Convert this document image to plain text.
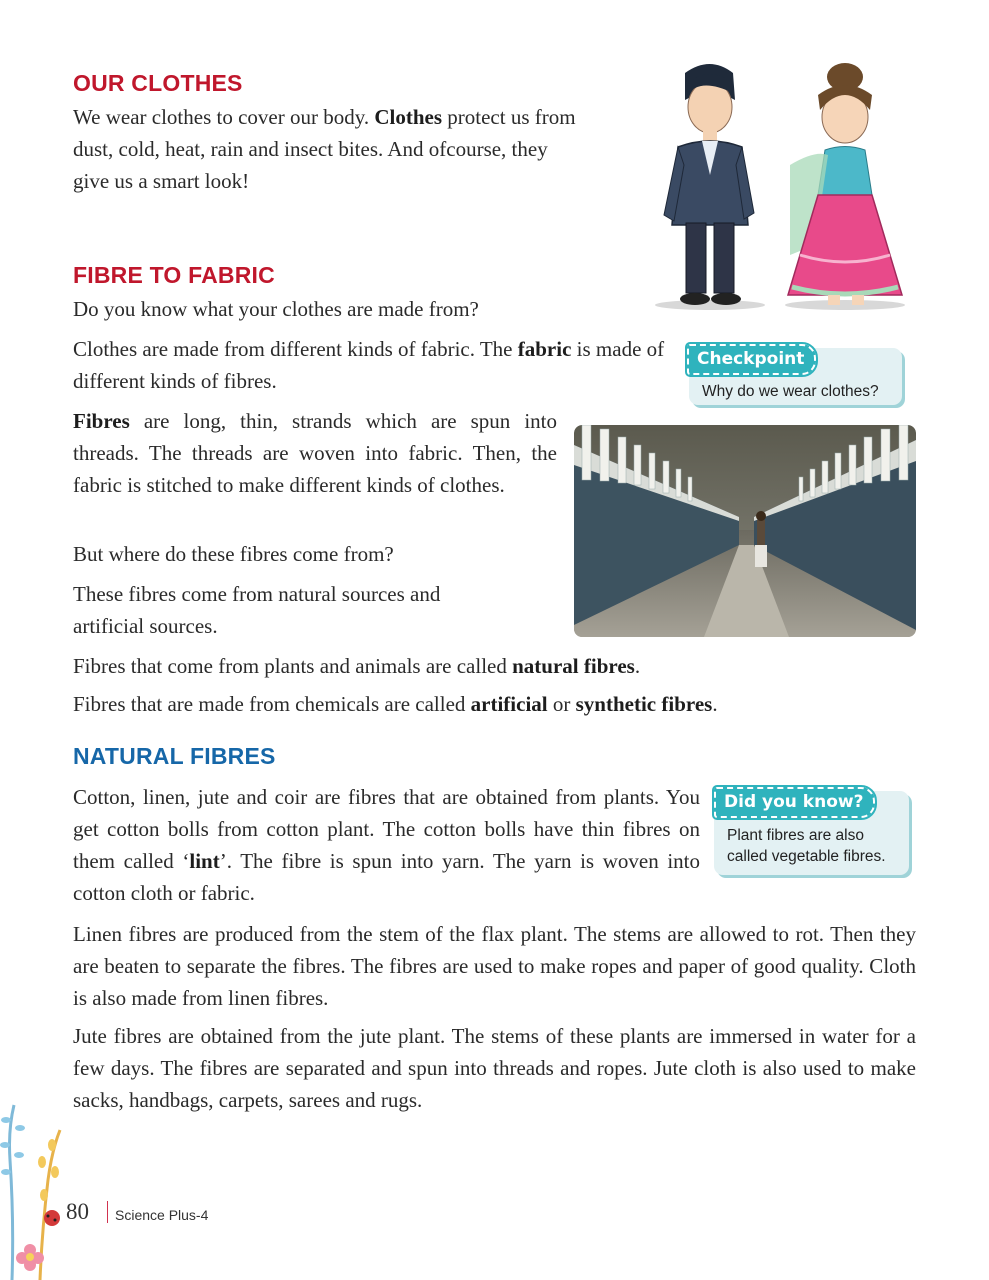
OUR CLOTHES

We wear clothes to cover our body. Clothes protect us from dust, cold, heat, rain and insect bites. And ofcourse, they give us a smart look!

FIBRE TO FABRIC

Do you know what your clothes are made from?

Clothes are made from different kinds of fabric. The fabric is made of different kinds of fibres.

Checkpoint
Why do we wear clothes?

Fibres are long, thin, strands which are spun into threads. The threads are woven into fabric. Then, the fabric is stitched to make different kinds of clothes.

But where do these fibres come from?

These fibres come from natural sources and artificial sources.

Fibres that come from plants and animals are called natural fibres.

Fibres that are made from chemicals are called artificial or synthetic fibres.

NATURAL FIBRES

Cotton, linen, jute and coir are fibres that are obtained from plants. You get cotton bolls from cotton plant. The cotton bolls have thin fibres on them called ‘lint’. The fibre is spun into yarn. The yarn is woven into cotton cloth or fabric.

Did you know?
Plant fibres are also
called vegetable fibres.

Linen fibres are produced from the stem of the flax plant. The stems are allowed to rot. Then they are beaten to separate the fibres. The fibres are used to make ropes and paper of good quality. Cloth is also made from linen fibres.

Jute fibres are obtained from the jute plant. The stems of these plants are immersed in water for a few days. The fibres are separated and spun into threads and ropes. Jute cloth is also used to make sacks, handbags, carpets, sarees and rugs.

80 Science Plus-4
